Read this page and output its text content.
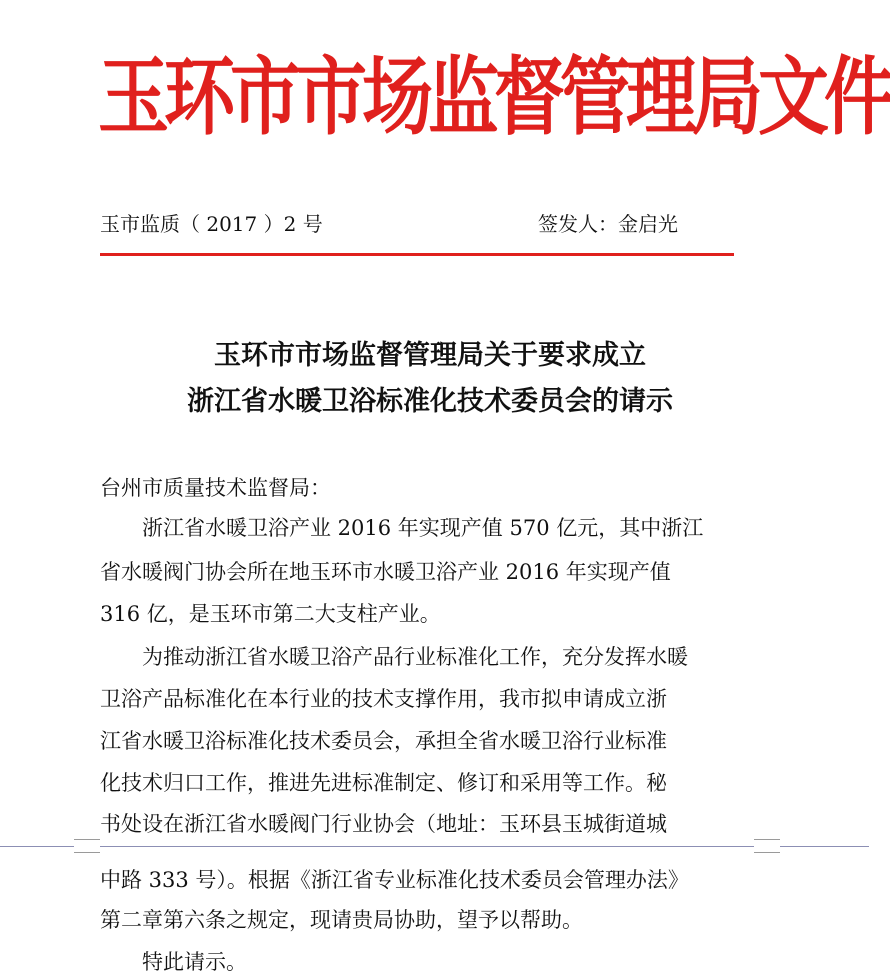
玉环市市场监督管理局文件
玉市监质（ 2017 ）2 号	签发人：金启光
玉环市市场监督管理局关于要求成立
浙江省水暖卫浴标准化技术委员会的请示
台州市质量技术监督局：
　　浙江省水暖卫浴产业 2016 年实现产值 570 亿元，其中浙江
省水暖阀门协会所在地玉环市水暖卫浴产业 2016 年实现产值
316 亿，是玉环市第二大支柱产业。
　　为推动浙江省水暖卫浴产品行业标准化工作，充分发挥水暖
卫浴产品标准化在本行业的技术支撑作用，我市拟申请成立浙
江省水暖卫浴标准化技术委员会，承担全省水暖卫浴行业标准
化技术归口工作，推进先进标准制定、修订和采用等工作。秘
书处设在浙江省水暖阀门行业协会（地址：玉环县玉城街道城
中路 333 号）。根据《浙江省专业标准化技术委员会管理办法》
第二章第六条之规定，现请贵局协助，望予以帮助。
　　特此请示。
